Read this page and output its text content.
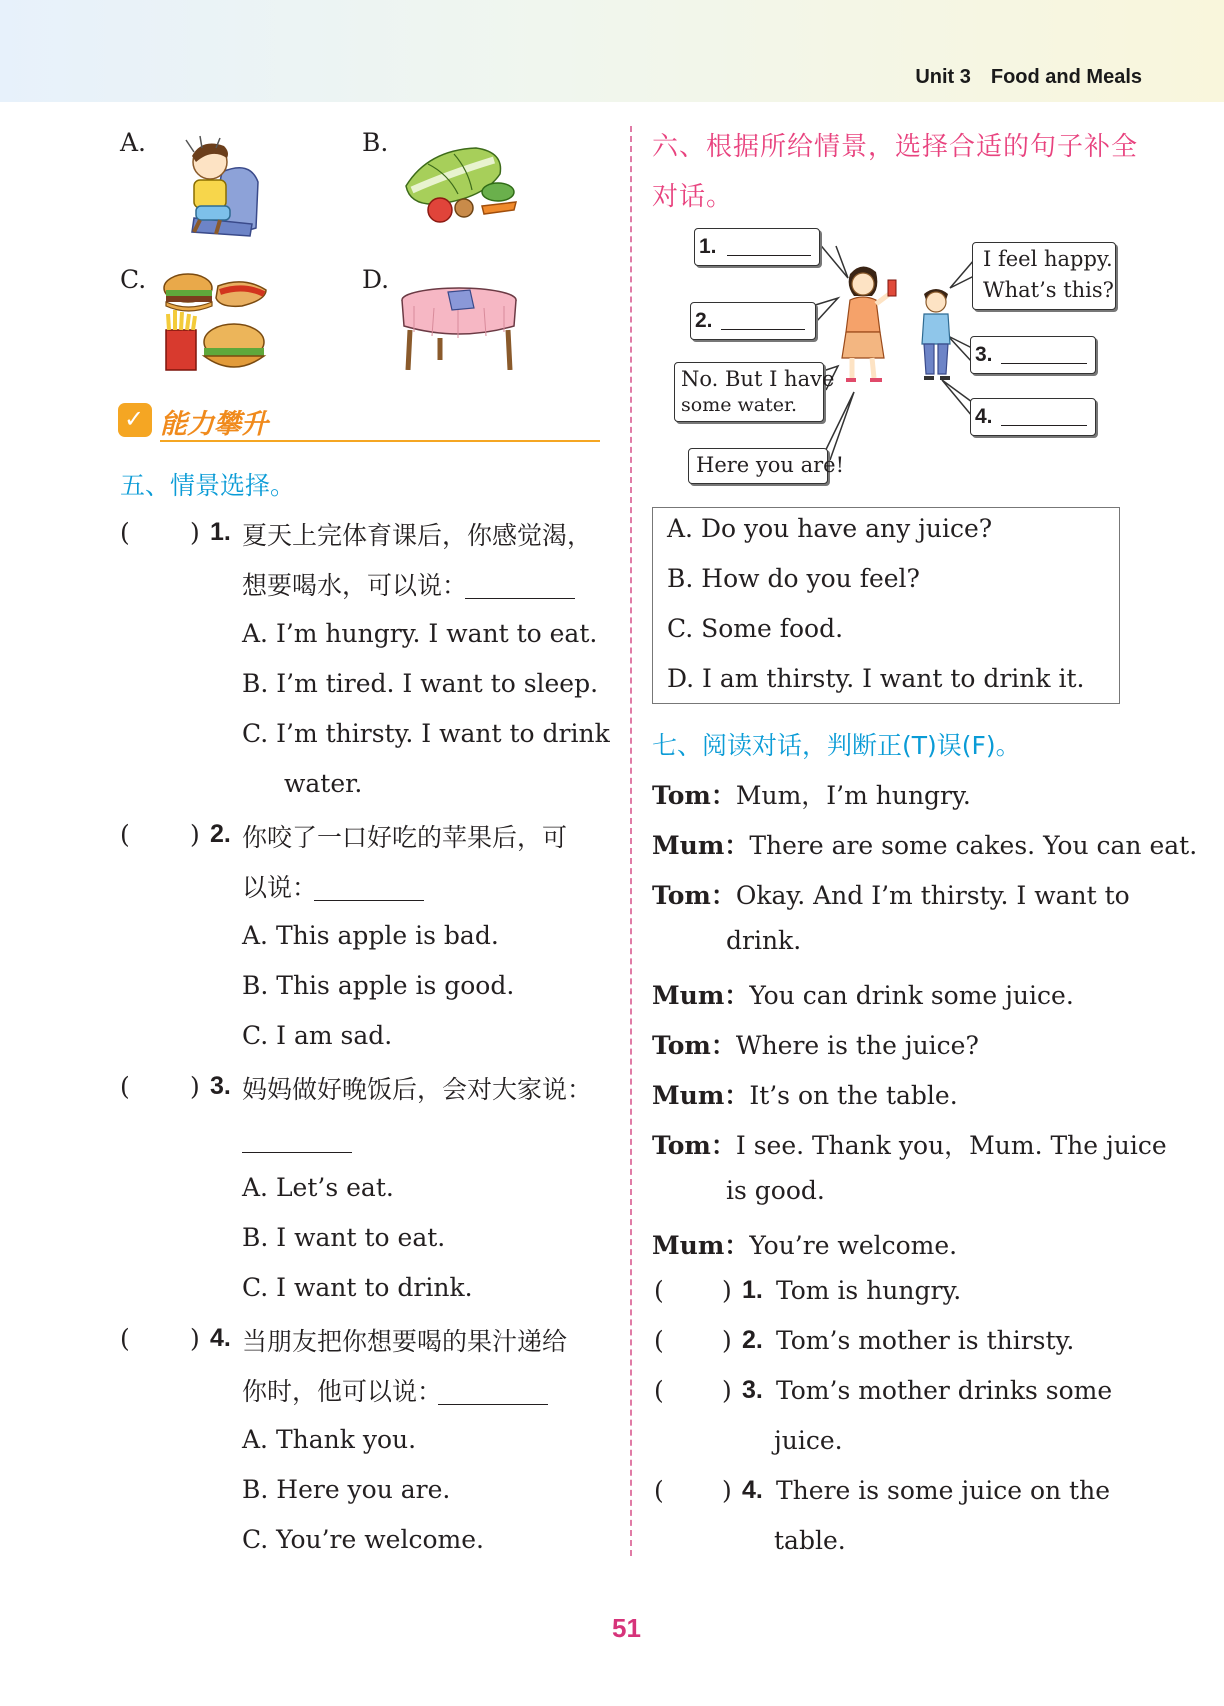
Unit 3 Food and Meals
A.	B.
C.	D.
✓ 能力攀升
五、情景选择。
( ) 1. 夏天上完体育课后，你感觉渴，
想要喝水，可以说：
A. I’m hungry. I want to eat.
B. I’m tired. I want to sleep.
C. I’m thirsty. I want to drink
water.
( ) 2. 你咬了一口好吃的苹果后，可
以说：
A. This apple is bad.
B. This apple is good.
C. I am sad.
( ) 3. 妈妈做好晚饭后，会对大家说：
A. Let’s eat.
B. I want to eat.
C. I want to drink.
( ) 4. 当朋友把你想要喝的果汁递给
你时，他可以说：
A. Thank you.
B. Here you are.
C. You’re welcome.
六、根据所给情景，选择合适的句子补全
对话。
1.
2.
No. But I have
some water.
Here you are!
I feel happy.
What’s this?
3.
4.
A. Do you have any juice?
B. How do you feel?
C. Some food.
D. I am thirsty. I want to drink it.
七、阅读对话，判断正(T)误(F)。
Tom：Mum，I’m hungry.
Mum：There are some cakes. You can eat.
Tom：Okay. And I’m thirsty. I want to
drink.
Mum：You can drink some juice.
Tom：Where is the juice?
Mum：It’s on the table.
Tom：I see. Thank you，Mum. The juice
is good.
Mum：You’re welcome.
( ) 1. Tom is hungry.
( ) 2. Tom’s mother is thirsty.
( ) 3. Tom’s mother drinks some
juice.
( ) 4. There is some juice on the
table.
51
